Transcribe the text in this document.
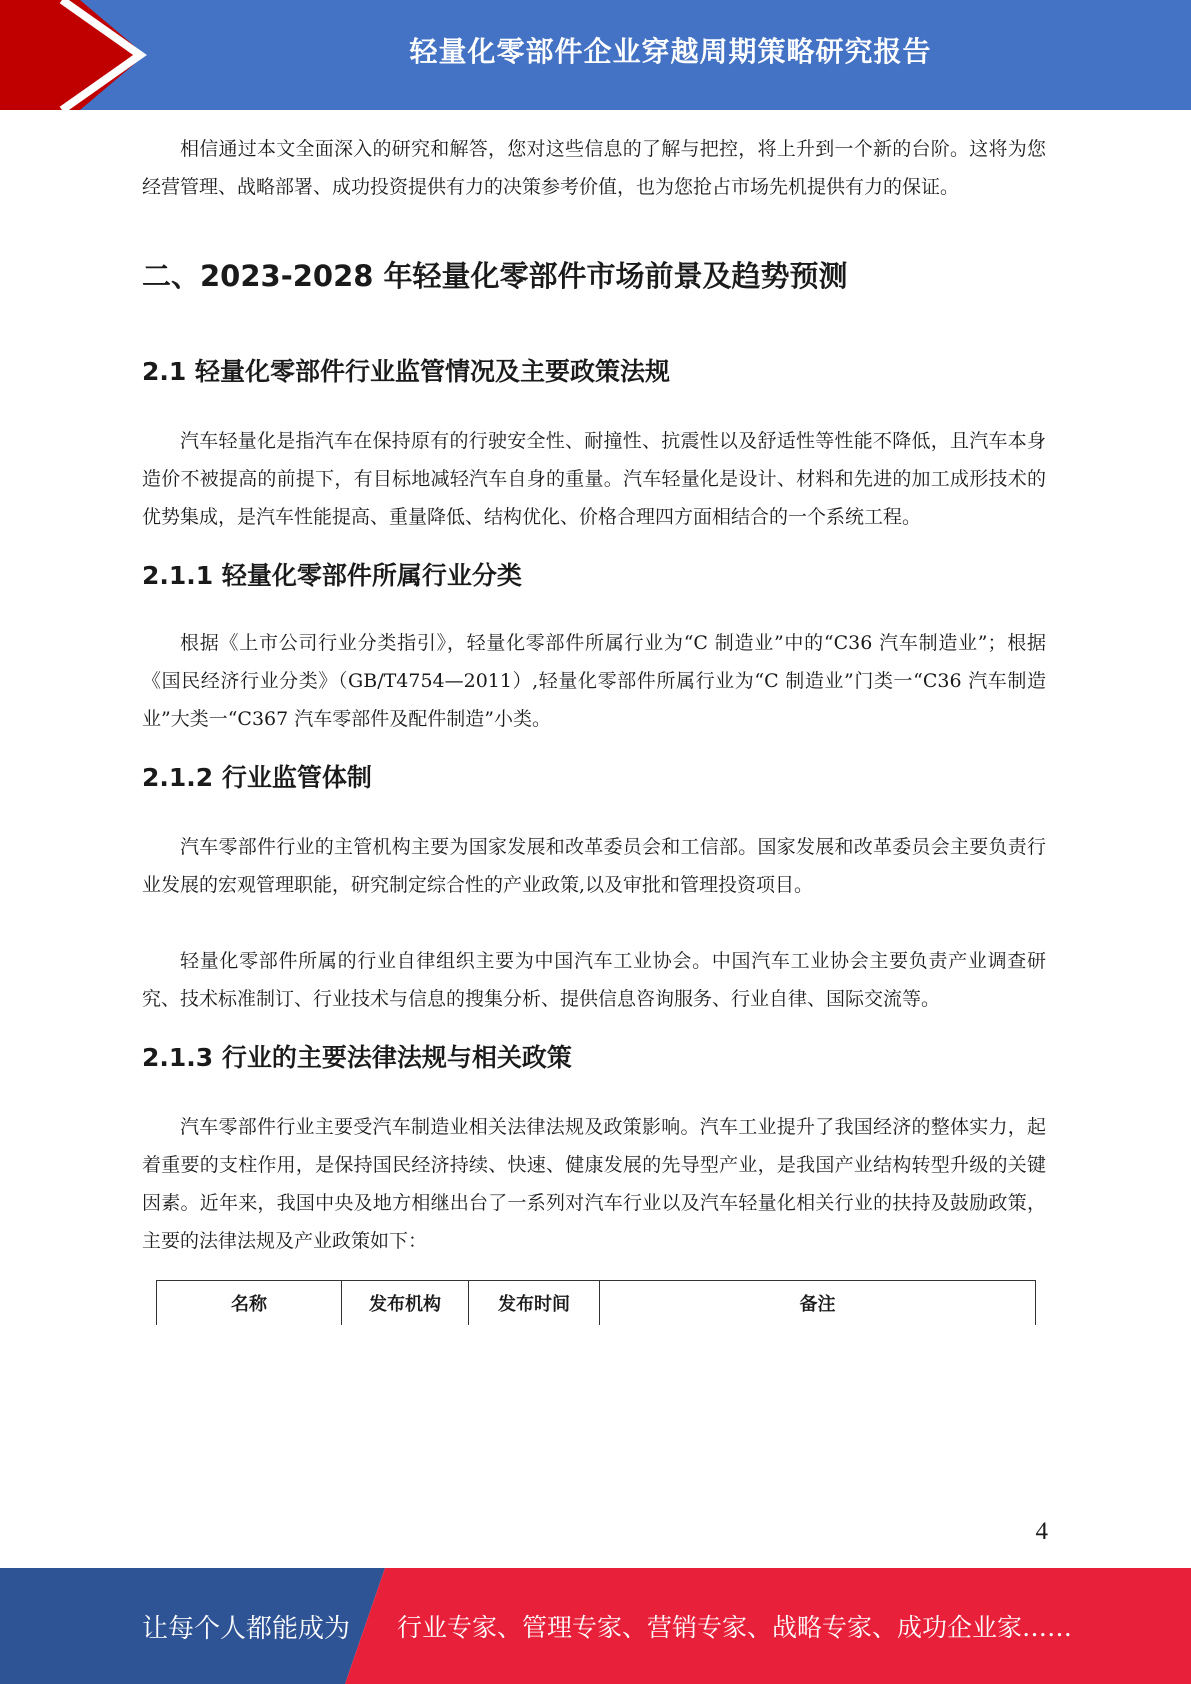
轻量化零部件企业穿越周期策略研究报告

相信通过本文全面深入的研究和解答，您对这些信息的了解与把控，将上升到一个新的台阶。这将为您经营管理、战略部署、成功投资提供有力的决策参考价值，也为您抢占市场先机提供有力的保证。

二、2023-2028 年轻量化零部件市场前景及趋势预测
2.1 轻量化零部件行业监管情况及主要政策法规

汽车轻量化是指汽车在保持原有的行驶安全性、耐撞性、抗震性以及舒适性等性能不降低，且汽车本身造价不被提高的前提下，有目标地减轻汽车自身的重量。汽车轻量化是设计、材料和先进的加工成形技术的优势集成，是汽车性能提高、重量降低、结构优化、价格合理四方面相结合的一个系统工程。

2.1.1 轻量化零部件所属行业分类

根据《上市公司行业分类指引》，轻量化零部件所属行业为“C 制造业”中的“C36 汽车制造业”；根据《国民经济行业分类》（GB/T4754—2011）,轻量化零部件所属行业为“C 制造业”门类一“C36 汽车制造业”大类一“C367 汽车零部件及配件制造”小类。

2.1.2 行业监管体制

汽车零部件行业的主管机构主要为国家发展和改革委员会和工信部。国家发展和改革委员会主要负责行业发展的宏观管理职能，研究制定综合性的产业政策,以及审批和管理投资项目。

轻量化零部件所属的行业自律组织主要为中国汽车工业协会。中国汽车工业协会主要负责产业调查研究、技术标准制订、行业技术与信息的搜集分析、提供信息咨询服务、行业自律、国际交流等。

2.1.3 行业的主要法律法规与相关政策

汽车零部件行业主要受汽车制造业相关法律法规及政策影响。汽车工业提升了我国经济的整体实力，起着重要的支柱作用，是保持国民经济持续、快速、健康发展的先导型产业，是我国产业结构转型升级的关键因素。近年来，我国中央及地方相继出台了一系列对汽车行业以及汽车轻量化相关行业的扶持及鼓励政策，主要的法律法规及产业政策如下：

名称	发布机构	发布时间	备注
4
让每个人都能成为 行业专家、管理专家、营销专家、战略专家、成功企业家……
